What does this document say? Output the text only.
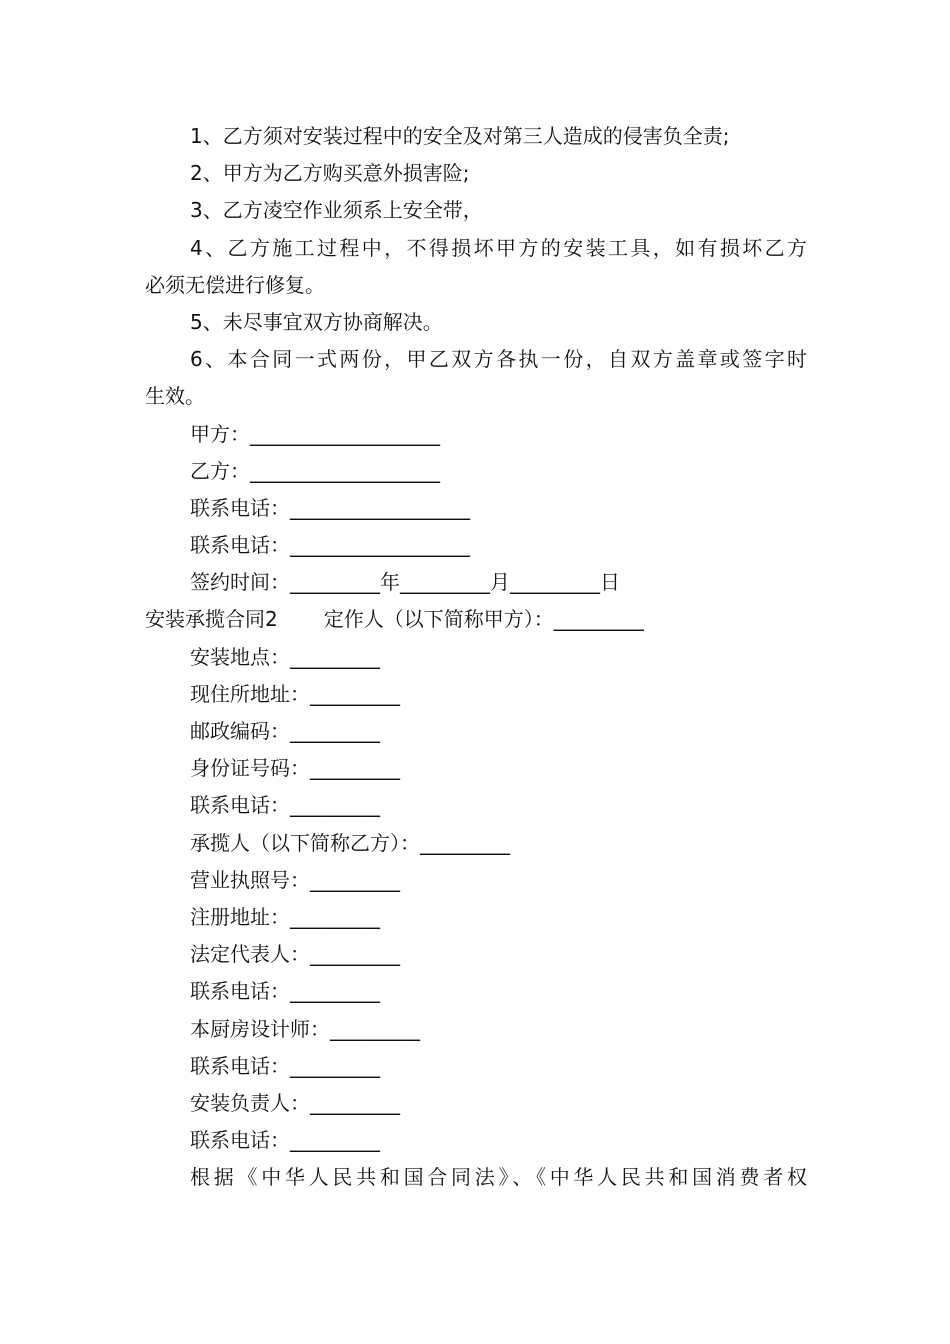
1、乙方须对安装过程中的安全及对第三人造成的侵害负全责;
2、甲方为乙方购买意外损害险;
3、乙方凌空作业须系上安全带，
4、乙方施工过程中，不得损坏甲方的安装工具，如有损坏乙方
必须无偿进行修复。
5、未尽事宜双方协商解决。
6、本合同一式两份，甲乙双方各执一份，自双方盖章或签字时
生效。
甲方：___________________
乙方：___________________
联系电话：__________________
联系电话：__________________
签约时间：_________年_________月_________日
安装承揽合同2 定作人（以下简称甲方）：_________
安装地点：_________
现住所地址：_________
邮政编码：_________
身份证号码：_________
联系电话：_________
承揽人（以下简称乙方）：_________
营业执照号：_________
注册地址：_________
法定代表人：_________
联系电话：_________
本厨房设计师：_________
联系电话：_________
安装负责人：_________
联系电话：_________
根据《中华人民共和国合同法》、《中华人民共和国消费者权
